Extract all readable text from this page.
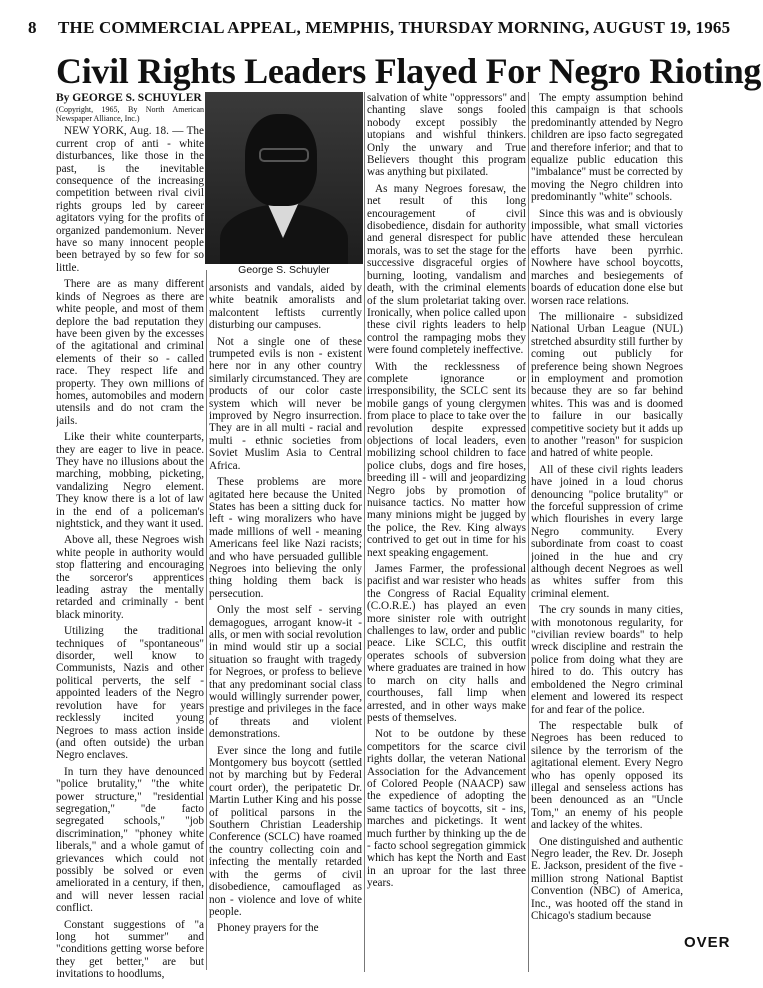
8 THE COMMERCIAL APPEAL, MEMPHIS, THURSDAY MORNING, AUGUST 19, 1965
Civil Rights Leaders Flayed For Negro Rioting
By GEORGE S. SCHUYLER
(Copyright, 1965, By North American Newspaper Alliance, Inc.)

NEW YORK, Aug. 18. — The current crop of anti - white disturbances, like those in the past, is the inevitable consequence of the increasing competition between rival civil rights groups led by career agitators vying for the profits of organized pandemonium. Never have so many innocent people been betrayed by so few for so little.

There are as many different kinds of Negroes as there are white people, and most of them deplore the bad reputation they have been given by the excesses of the agitational and criminal elements of their so - called race. They respect life and property. They own millions of homes, automobiles and modern utensils and do not cram the jails.

Like their white counterparts, they are eager to live in peace. They have no illusions about the marching, mobbing, picketing, vandalizing Negro element. They know there is a lot of law in the end of a policeman's nightstick, and they want it used.

Above all, these Negroes wish white people in authority would stop flattering and encouraging the sorceror's apprentices leading astray the mentally retarded and criminally - bent black minority.

Utilizing the traditional techniques of "spontaneous" disorder, well know to Communists, Nazis and other political perverts, the self - appointed leaders of the Negro revolution have for years recklessly incited young Negroes to mass action inside (and often outside) the urban Negro enclaves.

In turn they have denounced "police brutality," "the white power structure," "residential segregation," "de facto segregated schools," "job discrimination," "phoney white liberals," and a whole gamut of grievances which could not possibly be solved or even ameliorated in a century, if then, and will never lessen racial conflict.

Constant suggestions of "a long hot summer" and "conditions getting worse before they get better," are but invitations to hoodlums,

George S. Schuyler

arsonists and vandals, aided by white beatnik amoralists and malcontent leftists currently disturbing our campuses.

Not a single one of these trumpeted evils is non - existent here nor in any other country similarly circumstanced. They are products of our color caste system which will never be improved by Negro insurrection. They are in all multi - racial and multi - ethnic societies from Soviet Muslim Asia to Central Africa.

These problems are more agitated here because the United States has been a sitting duck for left - wing moralizers who have made millions of well - meaning Americans feel like Nazi racists; and who have persuaded gullible Negroes into believing the only thing holding them back is persecution.

Only the most self - serving demagogues, arrogant know-it - alls, or men with social revolution in mind would stir up a social situation so fraught with tragedy for Negroes, or profess to believe that any predominant social class would willingly surrender power, prestige and privileges in the face of threats and violent demonstrations.

Ever since the long and futile Montgomery bus boycott (settled not by marching but by Federal court order), the peripatetic Dr. Martin Luther King and his posse of political parsons in the Southern Christian Leadership Conference (SCLC) have roamed the country collecting coin and infecting the mentally retarded with the germs of civil disobedience, camouflaged as non - violence and love of white people.

Phoney prayers for the

salvation of white "oppressors" and chanting slave songs fooled nobody except possibly the utopians and wishful thinkers. Only the unwary and True Believers thought this program was anything but pixilated.

As many Negroes foresaw, the net result of this long encouragement of civil disobedience, disdain for authority and general disrespect for public morals, was to set the stage for the successive disgraceful orgies of burning, looting, vandalism and death, with the criminal elements of the slum proletariat taking over. Ironically, when police called upon these civil rights leaders to help control the rampaging mobs they were found completely ineffective.

With the recklessness of complete ignorance or irresponsibility, the SCLC sent its mobile gangs of young clergymen from place to place to take over the revolution despite expressed objections of local leaders, even mobilizing school children to face police clubs, dogs and fire hoses, breeding ill - will and jeopardizing Negro jobs by promotion of nuisance tactics. No matter how many minions might be jugged by the police, the Rev. King always contrived to get out in time for his next speaking engagement.

James Farmer, the professional pacifist and war resister who heads the Congress of Racial Equality (C.O.R.E.) has played an even more sinister role with outright challenges to law, order and public peace. Like SCLC, this outfit operates schools of subversion where graduates are trained in how to march on city halls and courthouses, fall limp when arrested, and in other ways make pests of themselves.

Not to be outdone by these competitors for the scarce civil rights dollar, the veteran National Association for the Advancement of Colored People (NAACP) saw the expedience of adopting the same tactics of boycotts, sit - ins, marches and picketings. It went much further by thinking up the de - facto school segregation gimmick which has kept the North and East in an uproar for the last three years.

The empty assumption behind this campaign is that schools predominantly attended by Negro children are ipso facto segregated and therefore inferior; and that to equalize public education this "imbalance" must be corrected by moving the Negro children into predominantly "white" schools.

Since this was and is obviously impossible, what small victories have attended these herculean efforts have been pyrrhic. Nowhere have school boycotts, marches and besiegements of boards of education done else but worsen race relations.

The millionaire - subsidized National Urban League (NUL) stretched absurdity still further by coming out publicly for preference being shown Negroes in employment and promotion because they are so far behind whites. This was and is doomed to failure in our basically competitive society but it adds up to another "reason" for suspicion and hatred of white people.

All of these civil rights leaders have joined in a loud chorus denouncing "police brutality" or the forceful suppression of crime which flourishes in every large Negro community. Every subordinate from coast to coast joined in the hue and cry although decent Negroes as well as whites suffer from this criminal element.

The cry sounds in many cities, with monotonous regularity, for "civilian review boards" to help wreck discipline and restrain the police from doing what they are hired to do. This outcry has emboldened the Negro criminal element and lowered its respect for and fear of the police.

The respectable bulk of Negroes has been reduced to silence by the terrorism of the agitational element. Every Negro who has openly opposed its illegal and senseless actions has been denounced as an "Uncle Tom," an enemy of his people and lackey of the whites.

One distinguished and authentic Negro leader, the Rev. Dr. Joseph E. Jackson, president of the five - million strong National Baptist Convention (NBC) of America, Inc., was hooted off the stand in Chicago's stadium because

OVER
